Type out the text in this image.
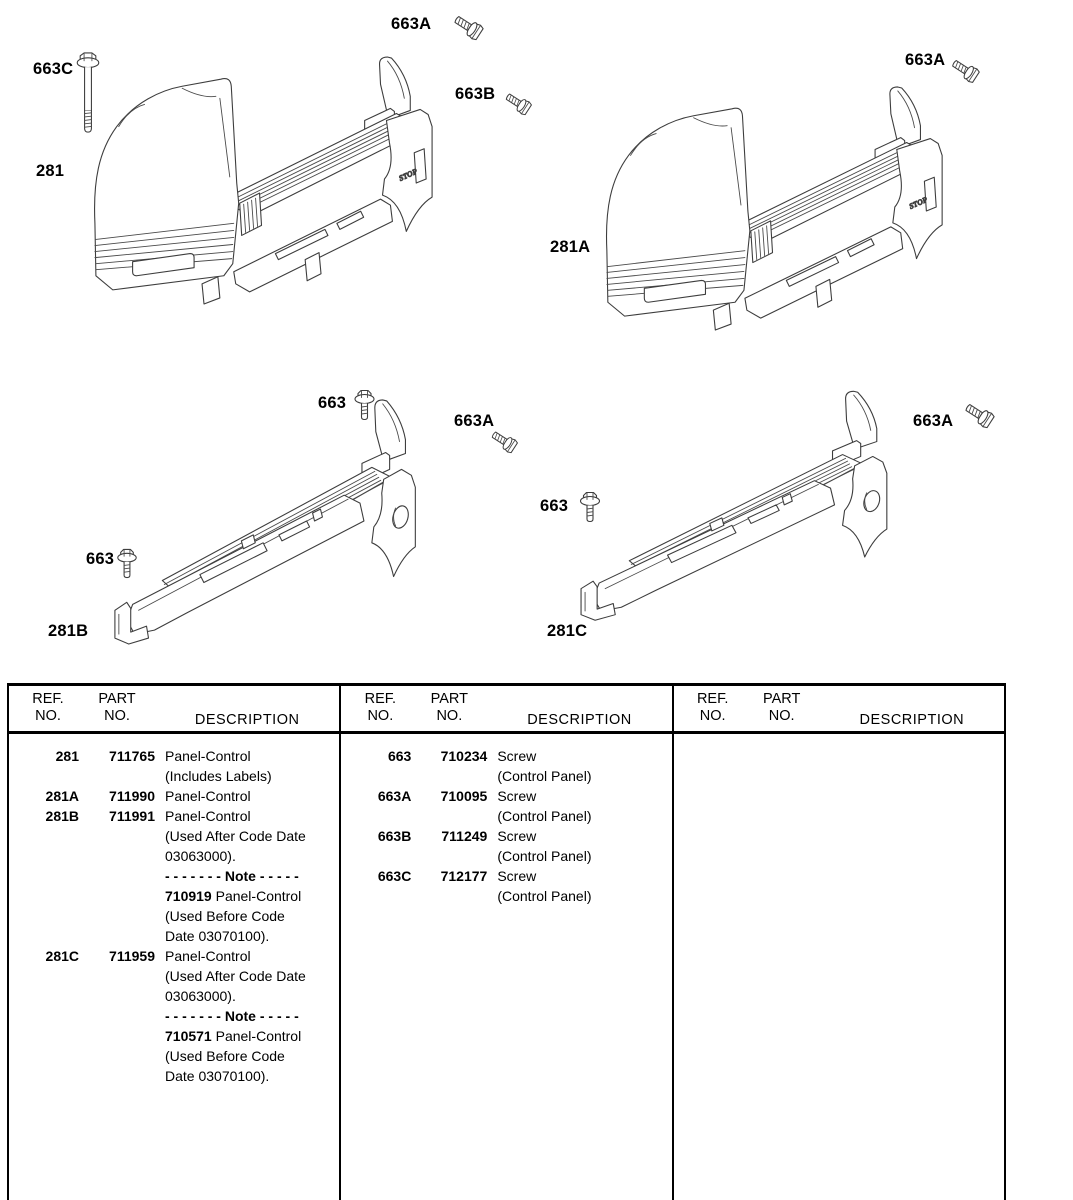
663A
663C
281
663B
663A
281A
663
663A
663
281B
663
663A
281C
REF.
NO.
PART
NO.	DESCRIPTION
281	711765 Panel-Control
(Includes Labels)
281A	711990 Panel-Control
281B	711991 Panel-Control
(Used After Code Date
03063000).
- - - - - - - Note - - - - -
710919 Panel-Control
(Used Before Code
Date 03070100).
281C	711959 Panel-Control
(Used After Code Date
03063000).
- - - - - - - Note - - - - -
710571 Panel-Control
(Used Before Code
Date 03070100).
REF.
NO.
PART
NO.	DESCRIPTION
663	710234 Screw
(Control Panel)
663A	710095 Screw
(Control Panel)
663B	711249 Screw
(Control Panel)
663C	712177 Screw
(Control Panel)
REF.
NO.
PART
NO.	DESCRIPTION
